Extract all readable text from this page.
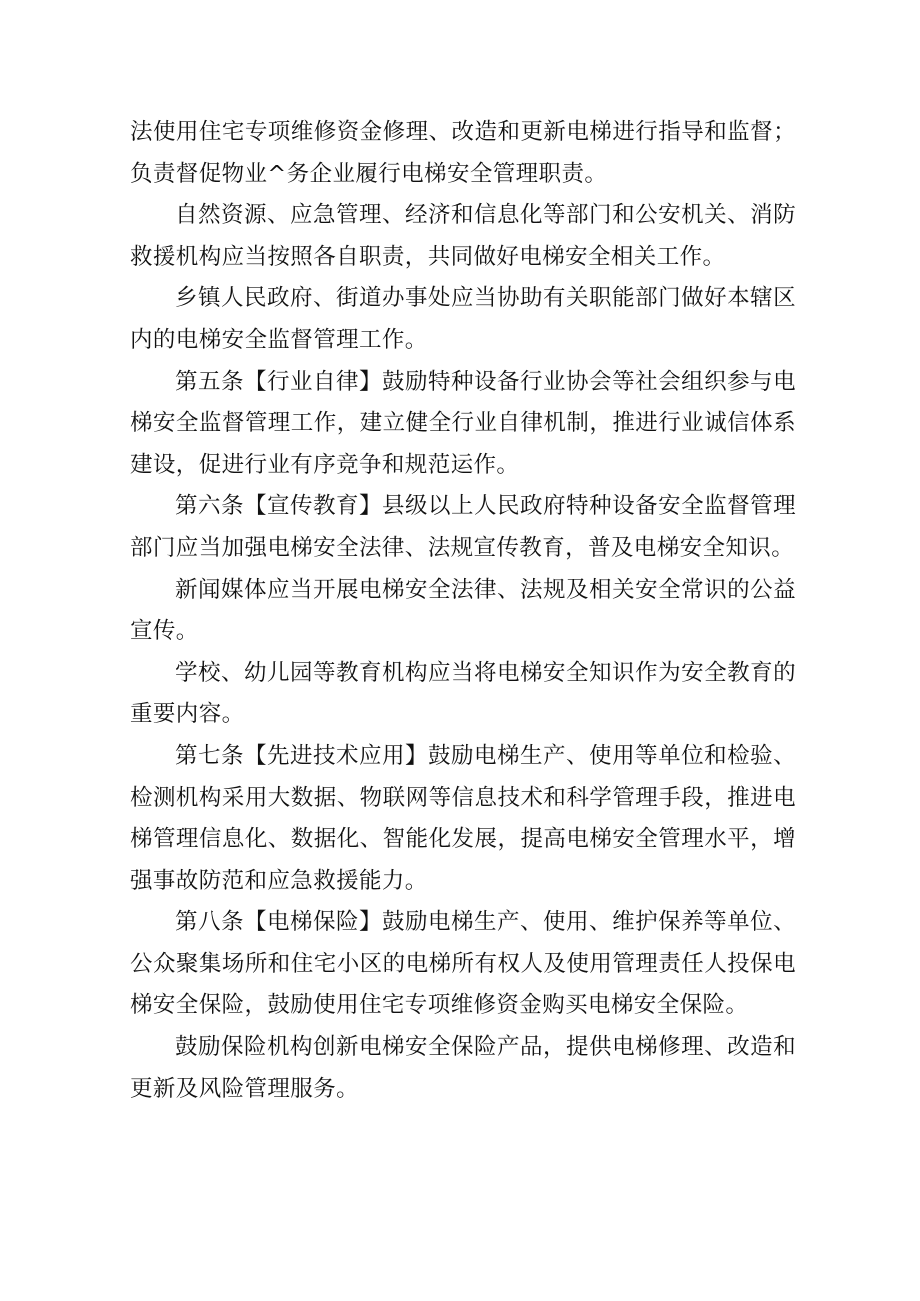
法使用住宅专项维修资金修理、改造和更新电梯进行指导和监督；负责督促物业^务企业履行电梯安全管理职责。

自然资源、应急管理、经济和信息化等部门和公安机关、消防救援机构应当按照各自职责，共同做好电梯安全相关工作。

乡镇人民政府、街道办事处应当协助有关职能部门做好本辖区内的电梯安全监督管理工作。

第五条【行业自律】鼓励特种设备行业协会等社会组织参与电梯安全监督管理工作，建立健全行业自律机制，推进行业诚信体系建设，促进行业有序竞争和规范运作。

第六条【宣传教育】县级以上人民政府特种设备安全监督管理部门应当加强电梯安全法律、法规宣传教育，普及电梯安全知识。

新闻媒体应当开展电梯安全法律、法规及相关安全常识的公益宣传。

学校、幼儿园等教育机构应当将电梯安全知识作为安全教育的重要内容。

第七条【先进技术应用】鼓励电梯生产、使用等单位和检验、检测机构采用大数据、物联网等信息技术和科学管理手段，推进电梯管理信息化、数据化、智能化发展，提高电梯安全管理水平，增强事故防范和应急救援能力。

第八条【电梯保险】鼓励电梯生产、使用、维护保养等单位、公众聚集场所和住宅小区的电梯所有权人及使用管理责任人投保电梯安全保险，鼓励使用住宅专项维修资金购买电梯安全保险。

鼓励保险机构创新电梯安全保险产品，提供电梯修理、改造和更新及风险管理服务。
